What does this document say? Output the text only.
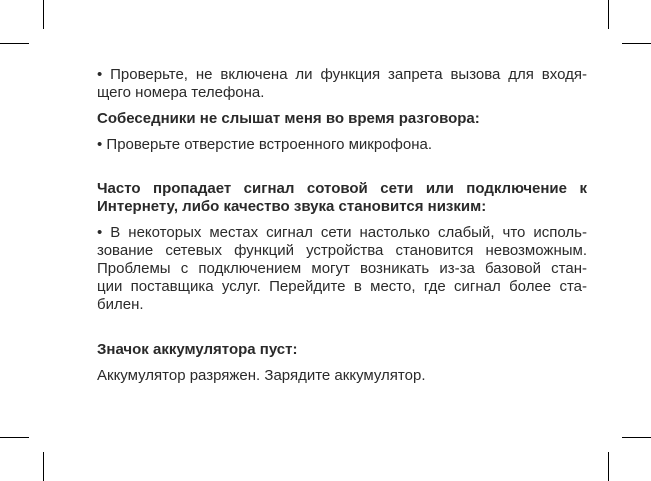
• Проверьте, не включена ли функция запрета вызова для входя-
щего номера телефона.

Собеседники не слышат меня во время разговора:

• Проверьте отверстие встроенного микрофона.

Часто пропадает сигнал сотовой сети или подключение к
Интернету, либо качество звука становится низким:

• В некоторых местах сигнал сети настолько слабый, что исполь-
зование сетевых функций устройства становится невозможным.
Проблемы с подключением могут возникать из-за базовой стан-
ции поставщика услуг. Перейдите в место, где сигнал более ста-
билен.

Значок аккумулятора пуст:

Аккумулятор разряжен. Зарядите аккумулятор.
